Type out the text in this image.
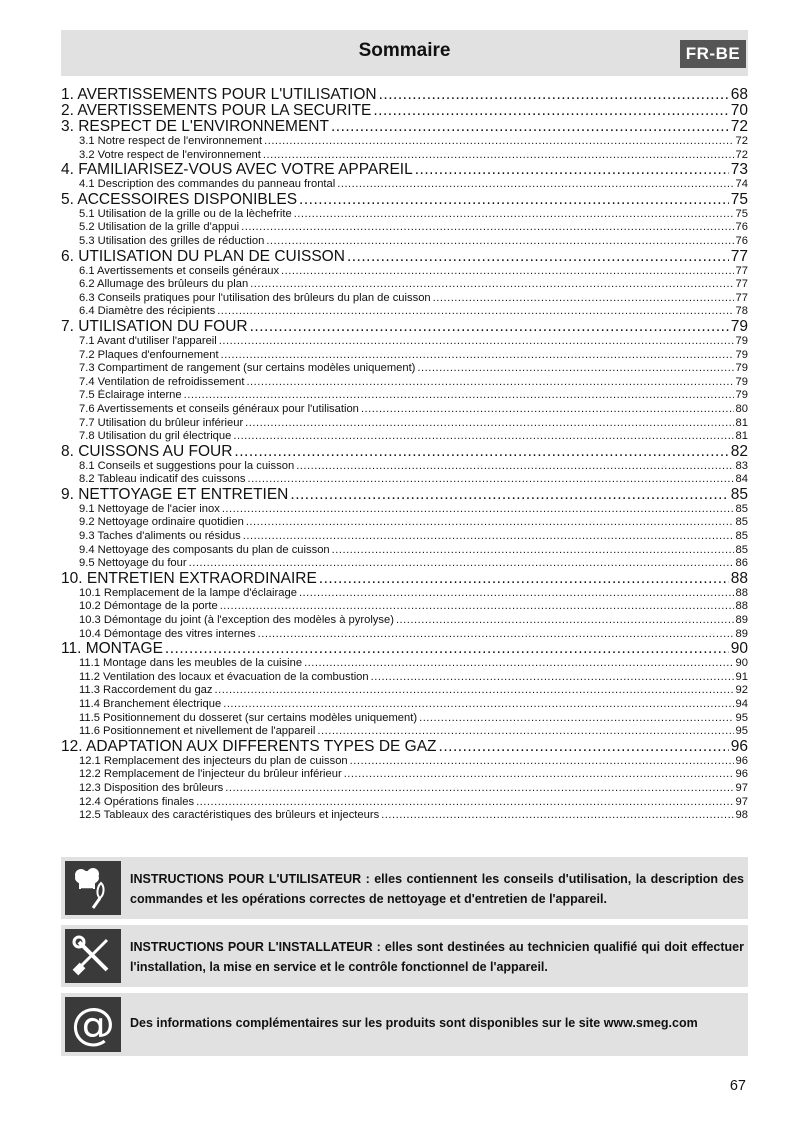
Sommaire	FR-BE
1. AVERTISSEMENTS POUR L'UTILISATION .....	68
2. AVERTISSEMENTS POUR LA SECURITE .....	70
3. RESPECT DE L'ENVIRONNEMENT .....	72
3.1 Notre respect de l'environnement .....	72
3.2 Votre respect de l'environnement .....	72
4. FAMILIARISEZ-VOUS AVEC VOTRE APPAREIL .....	73
4.1 Description des commandes du panneau frontal .....	74
5. ACCESSOIRES DISPONIBLES .....	75
5.1 Utilisation de la grille ou de la lèchefrite .....	75
5.2 Utilisation de la grille d'appui .....	76
5.3 Utilisation des grilles de réduction .....	76
6. UTILISATION DU PLAN DE CUISSON .....	77
6.1 Avertissements et conseils généraux .....	77
6.2 Allumage des brûleurs du plan .....	77
6.3 Conseils pratiques pour l'utilisation des brûleurs du plan de cuisson .....	77
6.4 Diamètre des récipients .....	78
7. UTILISATION DU FOUR .....	79
7.1 Avant d'utiliser l'appareil .....	79
7.2 Plaques d'enfournement .....	79
7.3 Compartiment de rangement (sur certains modèles uniquement) .....	79
7.4 Ventilation de refroidissement .....	79
7.5 Éclairage interne .....	79
7.6 Avertissements et conseils généraux pour l'utilisation .....	80
7.7 Utilisation du brûleur inférieur .....	81
7.8 Utilisation du gril électrique .....	81
8. CUISSONS AU FOUR .....	82
8.1 Conseils et suggestions pour la cuisson .....	83
8.2 Tableau indicatif des cuissons .....	84
9. NETTOYAGE ET ENTRETIEN .....	85
9.1 Nettoyage de l'acier inox .....	85
9.2 Nettoyage ordinaire quotidien .....	85
9.3 Taches d'aliments ou résidus .....	85
9.4 Nettoyage des composants du plan de cuisson .....	85
9.5 Nettoyage du four .....	86
10. ENTRETIEN EXTRAORDINAIRE .....	88
10.1 Remplacement de la lampe d'éclairage .....	88
10.2 Démontage de la porte .....	88
10.3 Démontage du joint (à l'exception des modèles à pyrolyse) .....	89
10.4 Démontage des vitres internes .....	89
11. MONTAGE .....	90
11.1 Montage dans les meubles de la cuisine .....	90
11.2 Ventilation des locaux et évacuation de la combustion .....	91
11.3 Raccordement du gaz .....	92
11.4 Branchement électrique .....	94
11.5 Positionnement du dosseret (sur certains modèles uniquement) .....	95
11.6 Positionnement et nivellement de l'appareil .....	95
12. ADAPTATION AUX DIFFERENTS TYPES DE GAZ .....	96
12.1 Remplacement des injecteurs du plan de cuisson .....	96
12.2 Remplacement de l'injecteur du brûleur inférieur .....	96
12.3 Disposition des brûleurs .....	97
12.4 Opérations finales .....	97
12.5 Tableaux des caractéristiques des brûleurs et injecteurs .....	98
INSTRUCTIONS POUR L'UTILISATEUR : elles contiennent les conseils d'utilisation, la description des commandes et les opérations correctes de nettoyage et d'entretien de l'appareil.
INSTRUCTIONS POUR L'INSTALLATEUR : elles sont destinées au technicien qualifié qui doit effectuer l'installation, la mise en service et le contrôle fonctionnel de l'appareil.
@ Des informations complémentaires sur les produits sont disponibles sur le site www.smeg.com
67
